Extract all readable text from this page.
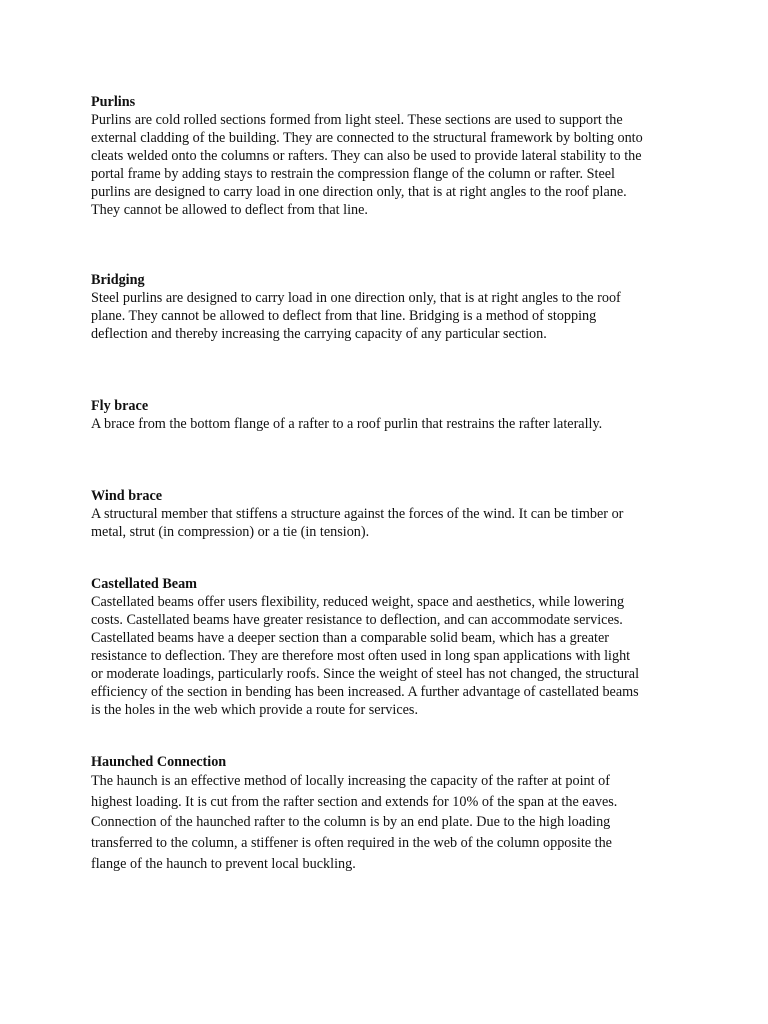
Purlins

Purlins are cold rolled sections formed from light steel. These sections are used to support the

external cladding of the building. They are connected to the structural framework by bolting onto

cleats welded onto the columns or rafters. They can also be used to provide lateral stability to the

portal frame by adding stays to restrain the compression flange of the column or rafter. Steel

purlins are designed to carry load in one direction only, that is at right angles to the roof plane.

They cannot be allowed to deflect from that line.

Bridging

Steel purlins are designed to carry load in one direction only, that is at right angles to the roof

plane. They cannot be allowed to deflect from that line. Bridging is a method of stopping

deflection and thereby increasing the carrying capacity of any particular section.

Fly brace

A brace from the bottom flange of a rafter to a roof purlin that restrains the rafter laterally.

Wind brace

A structural member that stiffens a structure against the forces of the wind. It can be timber or

metal, strut (in compression) or a tie (in tension).

Castellated Beam

Castellated beams offer users flexibility, reduced weight, space and aesthetics, while lowering

costs. Castellated beams have greater resistance to deflection, and can accommodate services.

Castellated beams have a deeper section than a comparable solid beam, which has a greater

resistance to deflection. They are therefore most often used in long span applications with light

or moderate loadings, particularly roofs. Since the weight of steel has not changed, the structural

efficiency of the section in bending has been increased. A further advantage of castellated beams

is the holes in the web which provide a route for services.

Haunched Connection

The haunch is an effective method of locally increasing the capacity of the rafter at point of

highest loading. It is cut from the rafter section and extends for 10% of the span at the eaves.

Connection of the haunched rafter to the column is by an end plate. Due to the high loading

transferred to the column, a stiffener is often required in the web of the column opposite the

flange of the haunch to prevent local buckling.
